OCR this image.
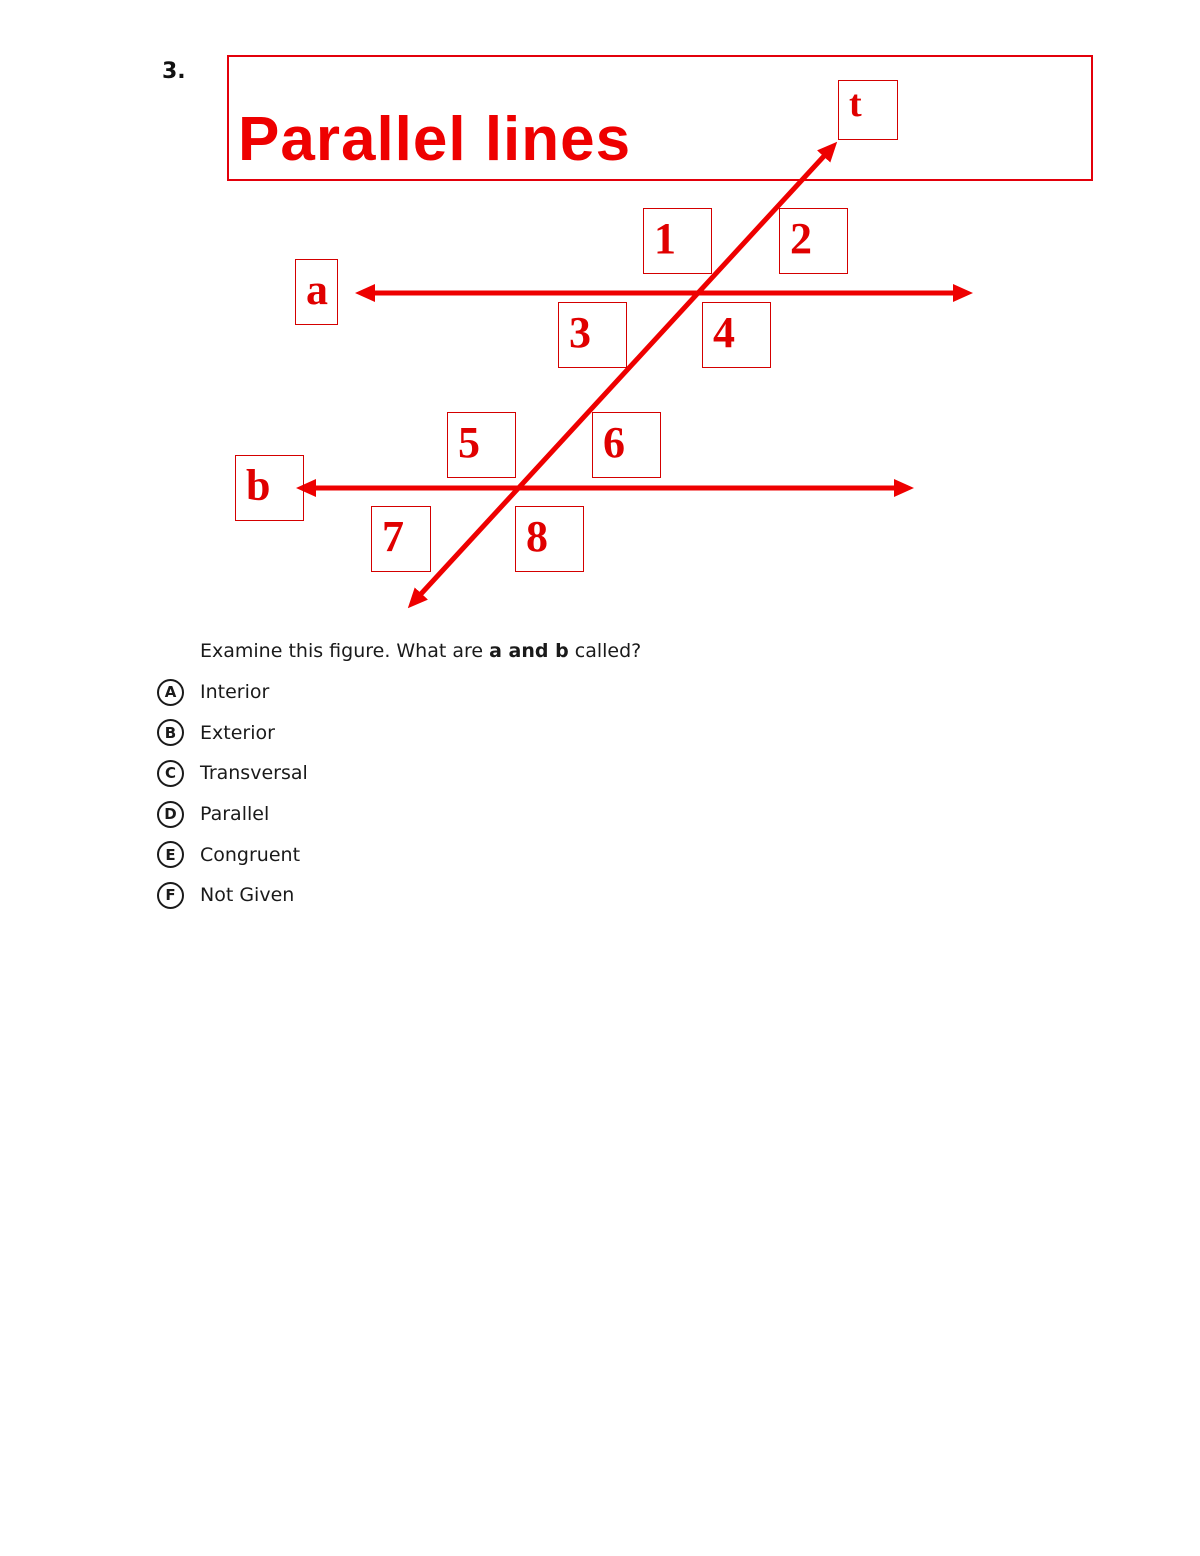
3.
Parallel lines
t
a
b
1	2
3	4
5	6
7	8
Examine this figure. What are a and b called?
A	Interior
B	Exterior
C	Transversal
D	Parallel
E	Congruent
F	Not Given
